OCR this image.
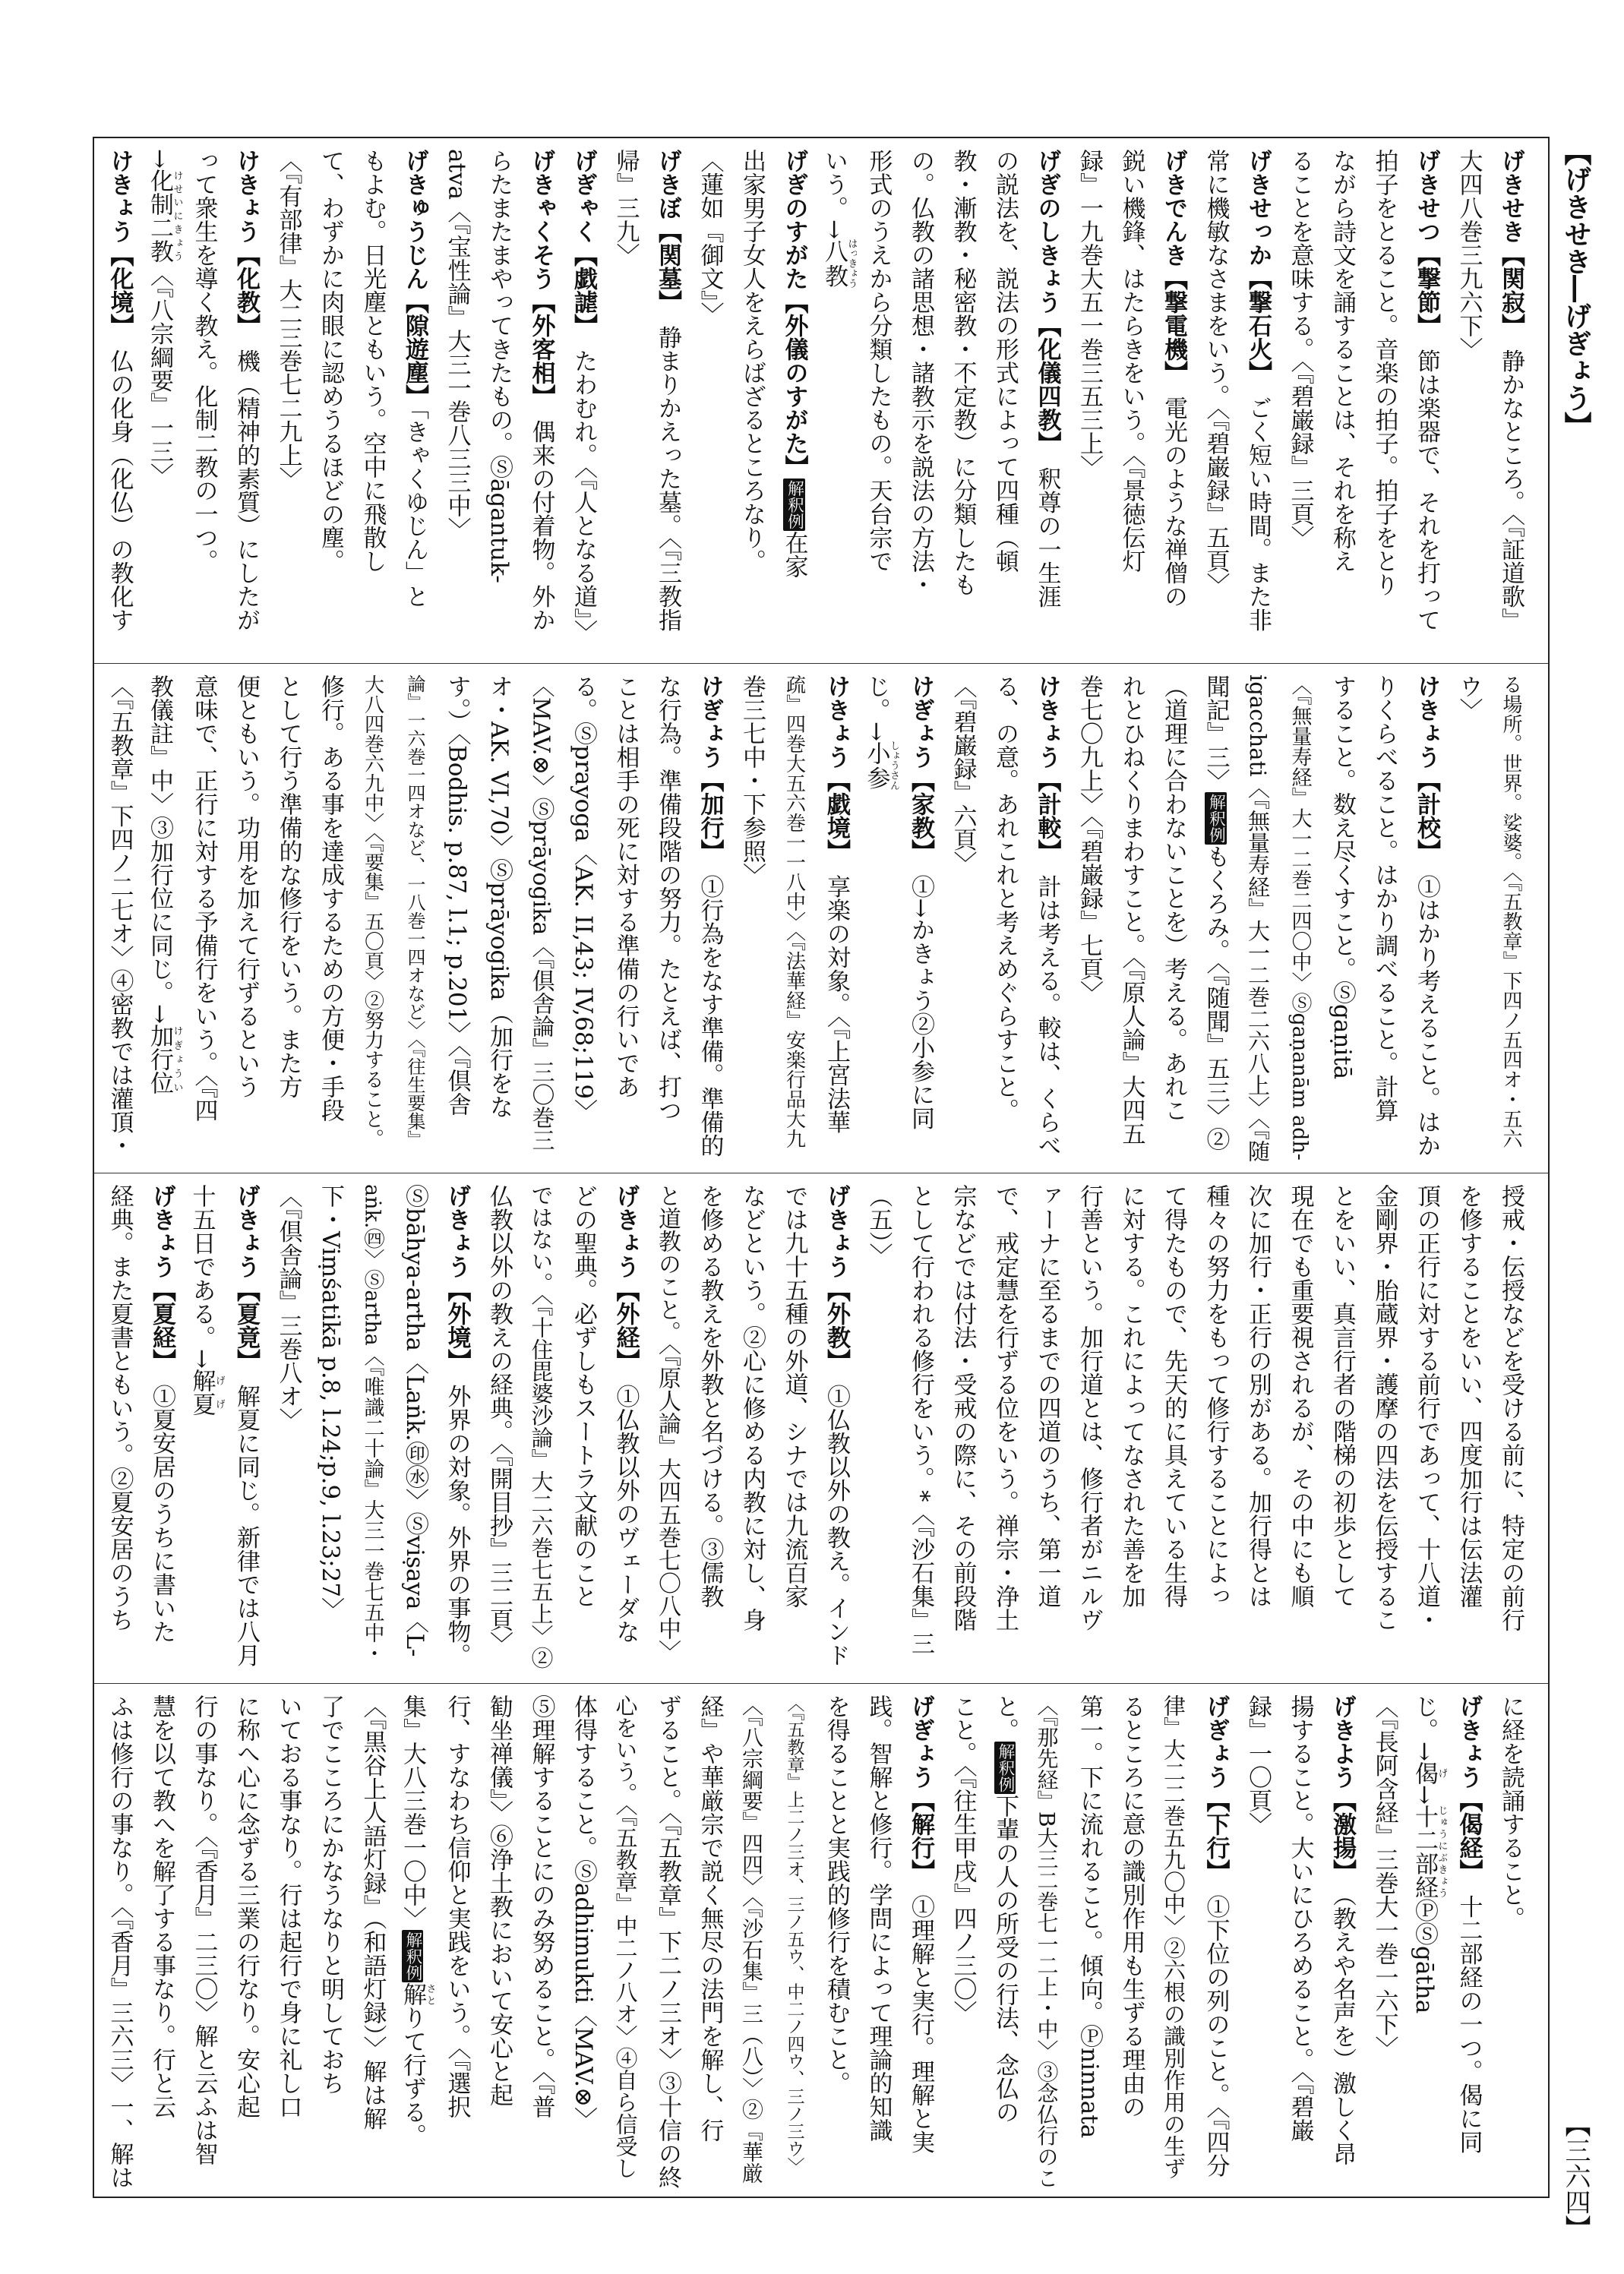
【げきせき―げぎょう】
【三六四】
げきせき【関寂】　静かなところ。〈『証道歌』
大四八巻三九六下〉
げきせつ【撃節】　節は楽器で、それを打って
拍子をとること。音楽の拍子。拍子をとり
ながら詩文を誦することは、それを称え
ることを意味する。〈『碧巌録』三頁〉
げきせっか【撃石火】　ごく短い時間。また非
常に機敏なさまをいう。〈『碧巌録』五頁〉
げきでんき【撃電機】　電光のような禅僧の
鋭い機鋒、はたらきをいう。〈『景徳伝灯
録』一九巻大五一巻三五三上〉
げぎのしきょう【化儀四教】　釈尊の一生涯
の説法を、説法の形式によって四種（頓
教・漸教・秘密教・不定教）に分類したも
の。仏教の諸思想・諸教示を説法の方法・
形式のうえから分類したもの。天台宗で
いう。→八教はっきょう
げぎのすがた【外儀のすがた】解釈例在家
出家男子女人をえらばざるところなり。
〈蓮如『御文』〉
げきぼ【関墓】　静まりかえった墓。〈『三教指
帰』三九〉
げぎゃく【戯謔】　たわむれ。〈『人となる道』〉
げきゃくそう【外客相】　偶来の付着物。外か
らたまたまやってきたもの。Ⓢāgantuk-
atva〈『宝性論』大三一巻八三三中〉
げきゅうじん【隙遊塵】「きゃくゆじん」と
もよむ。日光塵ともいう。空中に飛散し
て、わずかに肉眼に認めうるほどの塵。
〈『有部律』大二三巻七二九上〉
けきょう【化教】　機（精神的素質）にしたが
って衆生を導く教え。化制二教の一つ。
→化制二教けせいにきょう〈『八宗綱要』一三〉
けきょう【化境】　仏の化身（化仏）の教化す
る場所。世界。娑婆。〈『五教章』下四ノ五四オ・五六
ウ〉
けきょう【計校】　①はかり考えること。はか
りくらべること。はかり調べること。計算
すること。数え尽くすこと。Ⓢgaṇitā
〈『無量寿経』大一二巻二四〇中〉Ⓢgaṇanām adh-
igacchati〈『無量寿経』大一二巻二六八上〉〈『随
聞記』三〉解釈例もくろみ。〈『随聞』五三〉②
（道理に合わないことを）考える。あれこ
れとひねくりまわすこと。〈『原人論』大四五
巻七〇九上〉〈『碧巌録』七頁〉
けきょう【計較】　計は考える。較は、くらべ
る、の意。あれこれと考えめぐらすこと。
〈『碧巌録』六頁〉
けぎょう【家教】　①→かきょう②小参に同
じ。→小参しょうさん
けきょう【戯境】　享楽の対象。〈『上宮法華
疏』四巻大五六巻一一八中〉〈『法華経』安楽行品大九
巻三七中・下参照〉
けぎょう【加行】　①行為をなす準備。準備的
な行為。準備段階の努力。たとえば、打つ
ことは相手の死に対する準備の行いであ
る。Ⓢprayoga〈AK. II,43; IV,68;119〉
〈MAV.⊗〉Ⓢprāyogika〈『倶舎論』三〇巻三
オ・AK. VI,70〉Ⓢprāyogika（加行をな
す。）〈Bodhis. p.87, l.1; p.201〉〈『倶舎
論』一六巻一四オなど、一八巻一四オなど〉〈『往生要集』
大八四巻六九中〉〈『要集』五〇頁〉②努力すること。
修行。ある事を達成するための方便・手段
として行う準備的な修行をいう。また方
便ともいう。功用を加えて行ずるという
意味で、正行に対する予備行をいう。〈『四
教儀註』中〉③加行位に同じ。→加行位けぎょうい
〈『五教章』下四ノ二七オ〉④密教では灌頂・
授戒・伝授などを受ける前に、特定の前行
を修することをいい、四度加行は伝法灌
頂の正行に対する前行であって、十八道・
金剛界・胎蔵界・護摩の四法を伝授するこ
とをいい、真言行者の階梯の初歩として
現在でも重要視されるが、その中にも順
次に加行・正行の別がある。加行得とは
種々の努力をもって修行することによっ
て得たもので、先天的に具えている生得
に対する。これによってなされた善を加
行善という。加行道とは、修行者がニルヴ
ァーナに至るまでの四道のうち、第一道
で、戒定慧を行ずる位をいう。禅宗・浄土
宗などでは付法・受戒の際に、その前段階
として行われる修行をいう。*〈『沙石集』三
（五）〉
げきょう【外教】　①仏教以外の教え。インド
では九十五種の外道、シナでは九流百家
などという。②心に修める内教に対し、身
を修める教えを外教と名づける。③儒教
と道教のこと。〈『原人論』大四五巻七〇八中〉
げきょう【外経】　①仏教以外のヴェーダな
どの聖典。必ずしもスートラ文献のこと
ではない。〈『十住毘婆沙論』大二六巻七五上〉②
仏教以外の教えの経典。〈『開目抄』三二頁〉
げきょう【外境】　外界の対象。外界の事物。
Ⓢbāhya-artha〈Laṅk.㊞㊌〉Ⓢviṣaya〈L-
aṅk.㊃〉Ⓢartha〈『唯識二十論』大三一巻七五中・
下・Viṃśatikā p.8, l.24;p.9, l.23;27〉
〈『倶舎論』三巻八オ〉
げきょう【夏竟】　解夏に同じ。新律では八月
十五日である。→解夏げげ
げきょう【夏経】　①夏安居のうちに書いた
経典。また夏書ともいう。②夏安居のうち
に経を読誦すること。
げきょう【偈経】　十二部経の一つ。偈に同
じ。→偈げ→十二部経じゅうにぶきょうⓅⓈgātha
〈『長阿含経』三巻大一巻一六下〉
げきよう【激揚】　（教えや名声を）激しく昂
揚すること。大いにひろめること。〈『碧巌
録』一〇頁〉
げぎょう【下行】　①下位の列のこと。〈『四分
律』大二二巻五九〇中〉②六根の識別作用の生ず
るところに意の識別作用も生ずる理由の
第一。下に流れること。傾向。Ⓟninnata
〈『那先経』B大三二巻七一二上・中〉③念仏行のこ
と。解釈例下輩の人の所受の行法、念仏の
こと。〈『往生甲戌』四ノ三〇〉
げぎょう【解行】　①理解と実行。理解と実
践。智解と修行。学問によって理論的知識
を得ることと実践的修行を積むこと。
〈『五教章』上二ノ三オ、三ノ五ウ、中二ノ四ウ、三ノ三ウ〉
〈『八宗綱要』四四〉〈『沙石集』三（八）〉②『華厳
経』や華厳宗で説く無尽の法門を解し、行
ずること。〈『五教章』下二ノ三オ〉③十信の終
心をいう。〈『五教章』中二ノ八オ〉④自ら信受し
体得すること。Ⓢadhimukti〈MAV.⊗〉
⑤理解することにのみ努めること。〈『普
勧坐禅儀』〉⑥浄土教において安心と起
行、すなわち信仰と実践をいう。〈『選択
集』大八三巻一〇中〉解釈例解さとりて行ずる。
〈『黒谷上人語灯録』（和語灯録）〉解は解
了でこころにかなうなりと明しておち
いておる事なり。行は起行で身に礼し口
に称へ心に念ずる三業の行なり。安心起
行の事なり。〈『香月』二三〇〉解と云ふは智
慧を以て教へを解了する事なり。行と云
ふは修行の事なり。〈『香月』三六三〉一、解は
